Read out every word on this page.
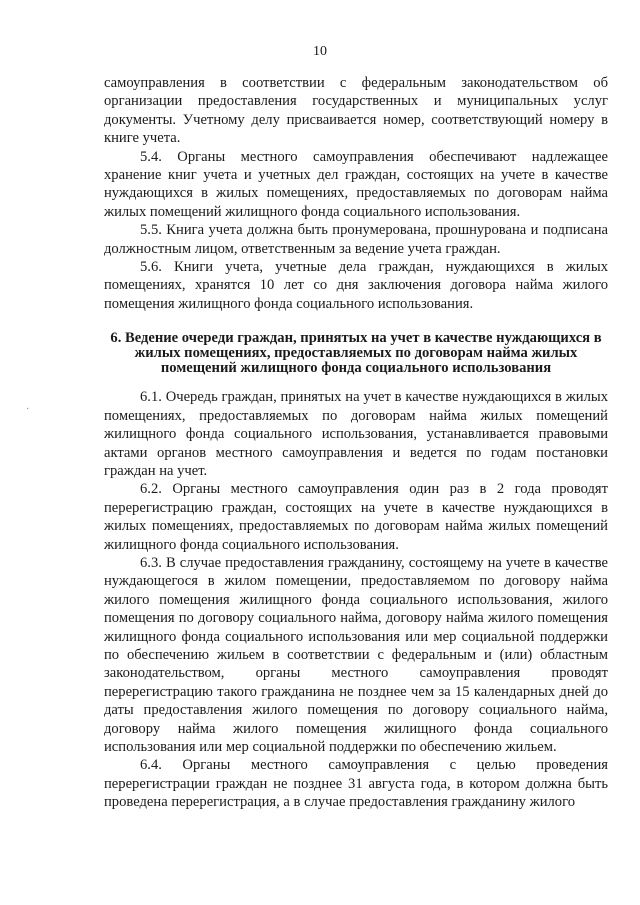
10
·

самоуправления в соответствии с федеральным законодательством об организации предоставления государственных и муниципальных услуг документы. Учетному делу присваивается номер, соответствующий номеру в книге учета.

5.4. Органы местного самоуправления обеспечивают надлежащее хранение книг учета и учетных дел граждан, состоящих на учете в качестве нуждающихся в жилых помещениях, предоставляемых по договорам найма жилых помещений жилищного фонда социального использования.

5.5. Книга учета должна быть пронумерована, прошнурована и подписана должностным лицом, ответственным за ведение учета граждан.

5.6. Книги учета, учетные дела граждан, нуждающихся в жилых помещениях, хранятся 10 лет со дня заключения договора найма жилого помещения жилищного фонда социального использования.

6. Ведение очереди граждан, принятых на учет в качестве нуждающихся в жилых помещениях, предоставляемых по договорам найма жилых помещений жилищного фонда социального использования

6.1. Очередь граждан, принятых на учет в качестве нуждающихся в жилых помещениях, предоставляемых по договорам найма жилых помещений жилищного фонда социального использования, устанавливается правовыми актами органов местного самоуправления и ведется по годам постановки граждан на учет.

6.2. Органы местного самоуправления один раз в 2 года проводят перерегистрацию граждан, состоящих на учете в качестве нуждающихся в жилых помещениях, предоставляемых по договорам найма жилых помещений жилищного фонда социального использования.

6.3. В случае предоставления гражданину, состоящему на учете в качестве нуждающегося в жилом помещении, предоставляемом по договору найма жилого помещения жилищного фонда социального использования, жилого помещения по договору социального найма, договору найма жилого помещения жилищного фонда социального использования или мер социальной поддержки по обеспечению жильем в соответствии с федеральным и (или) областным законодательством, органы местного самоуправления проводят перерегистрацию такого гражданина не позднее чем за 15 календарных дней до даты предоставления жилого помещения по договору социального найма, договору найма жилого помещения жилищного фонда социального использования или мер социальной поддержки по обеспечению жильем.

6.4. Органы местного самоуправления с целью проведения перерегистрации граждан не позднее 31 августа года, в котором должна быть проведена перерегистрация, а в случае предоставления гражданину жилого
